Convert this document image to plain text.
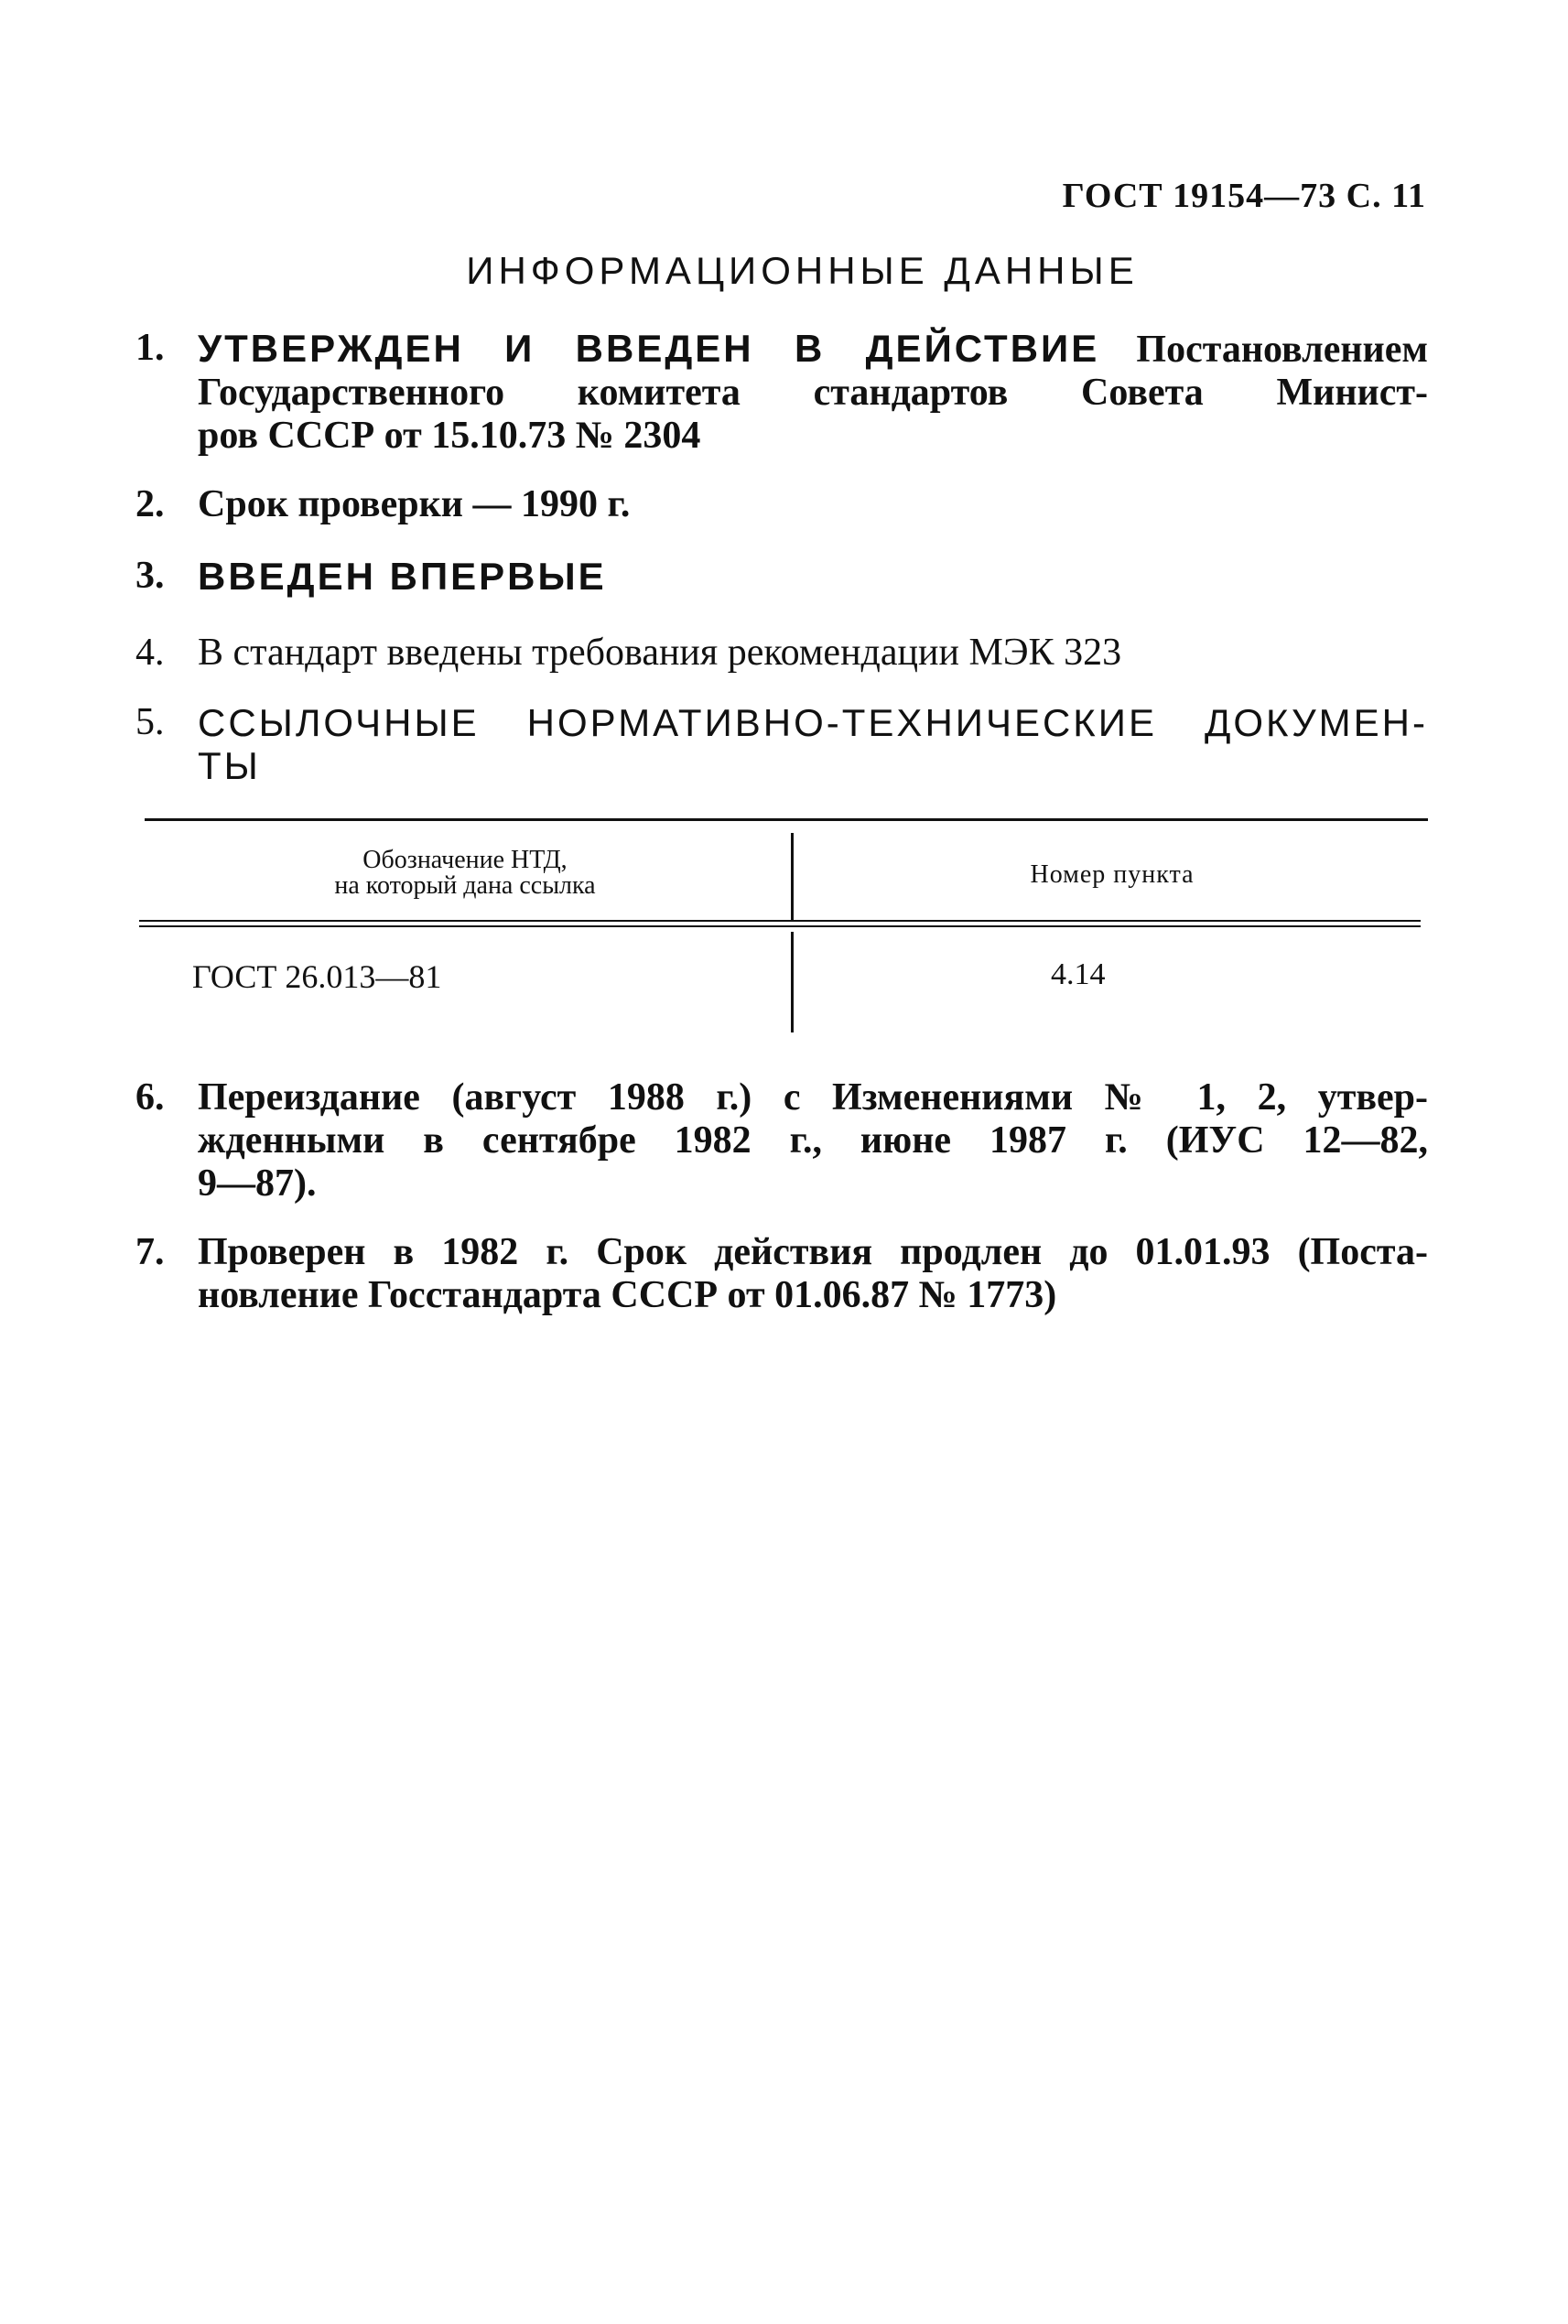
ГОСТ 19154—73 С. 11
ИНФОРМАЦИОННЫЕ ДАННЫЕ
1. УТВЕРЖДЕН И ВВЕДЕН В ДЕЙСТВИЕ Постановлением
Государственного комитета стандартов Совета Минист-
ров СССР от 15.10.73 № 2304
2. Срок проверки — 1990 г.
3. ВВЕДЕН ВПЕРВЫЕ
4. В стандарт введены требования рекомендации МЭК 323
5. ССЫЛОЧНЫЕ НОРМАТИВНО-ТЕХНИЧЕСКИЕ ДОКУМЕН-
ТЫ
Обозначение НТД,
на который дана ссылка	Номер пункта
ГОСТ 26.013—81	4.14
6. Переиздание (август 1988 г.) с Изменениями № 1, 2, утвер-
жденными в сентябре 1982 г., июне 1987 г. (ИУС 12—82,
9—87).
7. Проверен в 1982 г. Срок действия продлен до 01.01.93 (Поста-
новление Госстандарта СССР от 01.06.87 № 1773)
